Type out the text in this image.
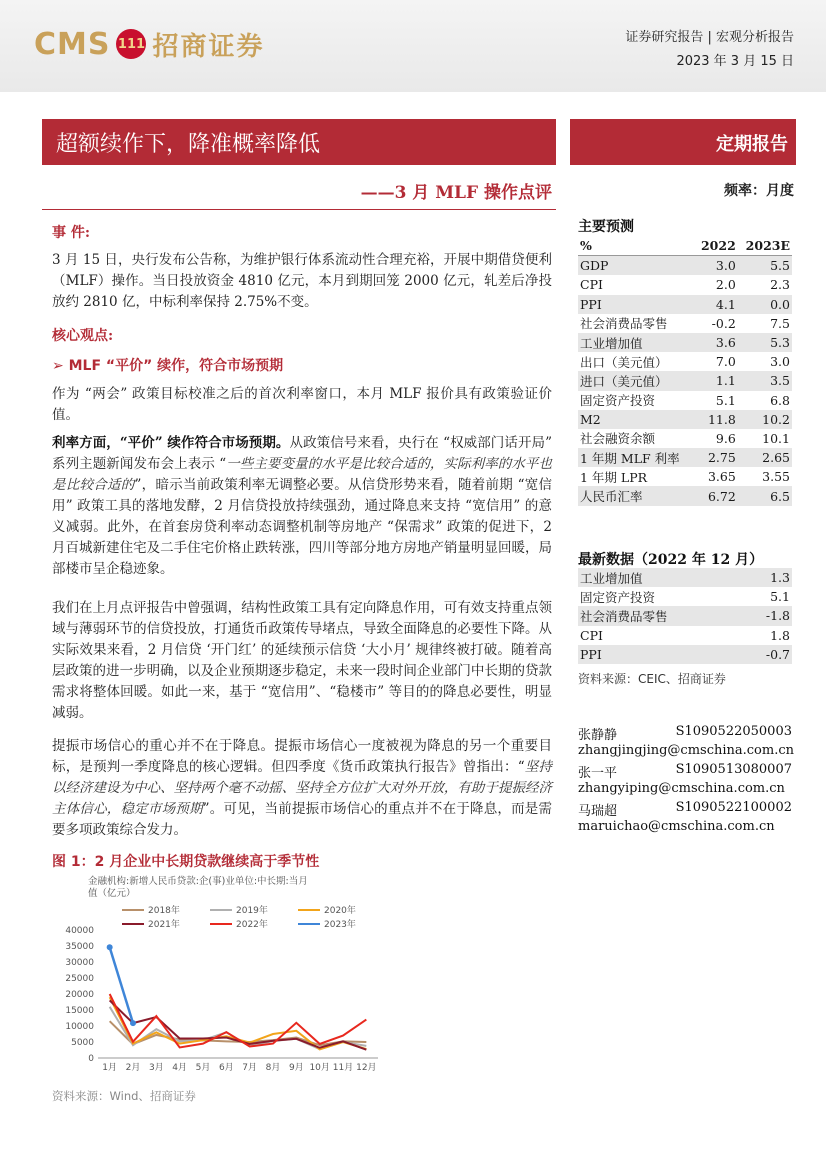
CMS 111 招商证券	证券研究报告 | 宏观分析报告
2023 年 3 月 15 日
超额续作下，降准概率降低	定期报告
——3 月 MLF 操作点评	频率：月度
事 件:
3 月 15 日，央行发布公告称，为维护银行体系流动性合理充裕，开展中期借贷便利（MLF）操作。当日投放资金 4810 亿元，本月到期回笼 2000 亿元，轧差后净投放约 2810 亿，中标利率保持 2.75%不变。
核心观点:
➢ MLF “平价” 续作，符合市场预期
作为 “两会” 政策目标校准之后的首次利率窗口，本月 MLF 报价具有政策验证价值。
利率方面，“平价” 续作符合市场预期。从政策信号来看，央行在 “权威部门话开局” 系列主题新闻发布会上表示 “一些主要变量的水平是比较合适的，实际利率的水平也是比较合适的”，暗示当前政策利率无调整必要。从信贷形势来看，随着前期 “宽信用” 政策工具的落地发酵，2 月信贷投放持续强劲，通过降息来支持 “宽信用” 的意义减弱。此外，在首套房贷利率动态调整机制等房地产 “保需求” 政策的促进下，2 月百城新建住宅及二手住宅价格止跌转涨，四川等部分地方房地产销量明显回暖，局部楼市呈企稳迹象。
我们在上月点评报告中曾强调，结构性政策工具有定向降息作用，可有效支持重点领域与薄弱环节的信贷投放，打通货币政策传导堵点，导致全面降息的必要性下降。从实际效果来看，2 月信贷 ‘开门红’ 的延续预示信贷 ‘大小月’ 规律终被打破。随着高层政策的进一步明确，以及企业预期逐步稳定，未来一段时间企业部门中长期的贷款需求将整体回暖。如此一来，基于 “宽信用”、“稳楼市” 等目的的降息必要性，明显减弱。
提振市场信心的重心并不在于降息。提振市场信心一度被视为降息的另一个重要目标，是预判一季度降息的核心逻辑。但四季度《货币政策执行报告》曾指出：“坚持以经济建设为中心、坚持两个毫不动摇、坚持全方位扩大对外开放，有助于提振经济主体信心，稳定市场预期”。可见，当前提振市场信心的重点并不在于降息，而是需要多项政策综合发力。
图 1：2 月企业中长期贷款继续高于季节性
金融机构:新增人民币贷款:企(事)业单位:中长期:当月
值（亿元）
2018年	2019年	2020年
2021年	2022年	2023年
0
5000
10000
15000
20000
25000
30000
35000
40000
1月 2月 3月 4月 5月 6月 7月 8月 9月 10月 11月 12月
资料来源：Wind、招商证券
主要预测
%	2022	2023E
GDP	3.0	5.5
CPI	2.0	2.3
PPI	4.1	0.0
社会消费品零售	-0.2	7.5
工业增加值	3.6	5.3
出口（美元值）	7.0	3.0
进口（美元值）	1.1	3.5
固定资产投资	5.1	6.8
M2	11.8	10.2
社会融资余额	9.6	10.1
1 年期 MLF 利率	2.75	2.65
1 年期 LPR	3.65	3.55
人民币汇率	6.72	6.5
最新数据（2022 年 12 月）
工业增加值	1.3
固定资产投资	5.1
社会消费品零售	-1.8
CPI	1.8
PPI	-0.7
资料来源：CEIC、招商证券
张静静	S1090522050003
zhangjingjing@cmschina.com.cn
张一平	S1090513080007
zhangyiping@cmschina.com.cn
马瑞超	S1090522100002
maruichao@cmschina.com.cn
